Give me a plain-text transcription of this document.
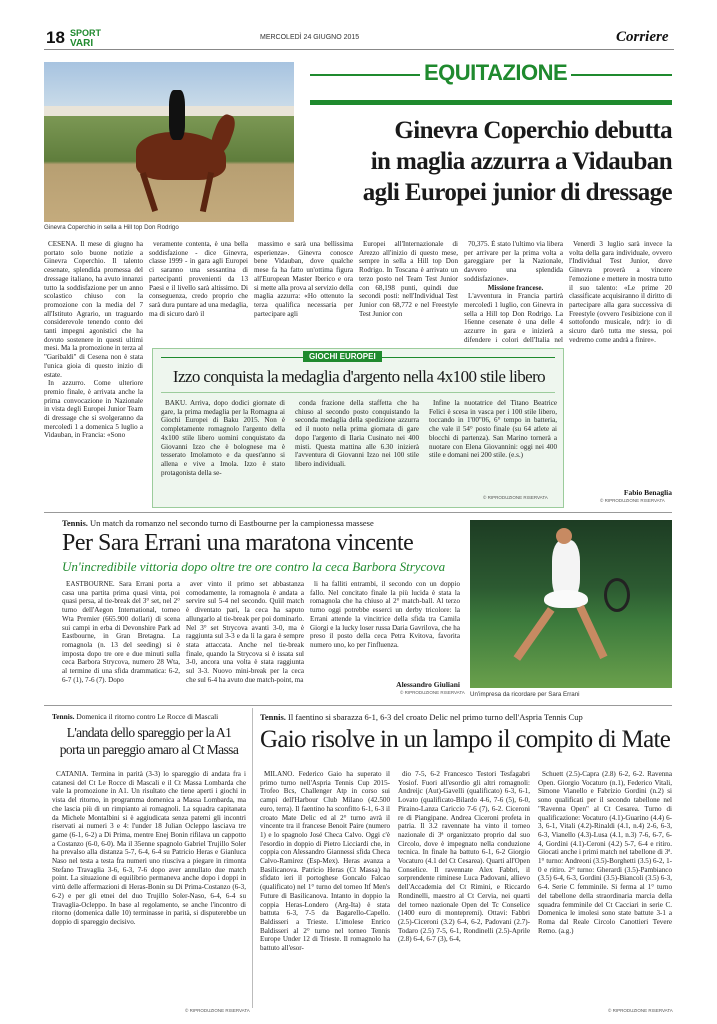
18 SPORT
VARI
MERCOLEDÌ 24 GIUGNO 2015	Corriere
Ginevra Coperchio in sella a Hill top Don Rodrigo
EQUITAZIONE
Ginevra Coperchio debutta
in maglia azzurra a Vidauban
agli Europei junior di dressage

CESENA. Il mese di giugno ha portato solo buone notizie a Ginevra Coperchio. Il talento cesenate, splendida promessa del dressage italiano, ha avuto innanzi tutto la soddisfazione per un anno scolastico chiuso con la promozione con la media del 7 all'Istituto Agrario, un traguardo considerevole tenendo conto dei tanti impegni agonistici che ha dovuto sostenere in questi ultimi mesi. Ma la promozione in terza al "Garibaldi" di Cesena non è stata l'unica gioia di questo inizio di estate.

In azzurro. Come ulteriore premio finale, è arrivata anche la prima convocazione in Nazionale in vista degli Europei Junior Team di dressage che si svolgeranno da mercoledì 1 a domenica 5 luglio a Vidauban, in Francia: «Sono

veramente contenta, è una bella soddisfazione - dice Ginevra, classe 1999 - in gara agli Europei ci saranno una sessantina di partecipanti provenienti da 13 Paesi e il livello sarà altissimo. Di conseguenza, credo proprio che sarà dura puntare ad una medaglia, ma di sicuro darò il

massimo e sarà una bellissima esperienza». Ginevra conosce bene Vidauban, dove qualche mese fa ha fatto un'ottima figura all'European Master Iberico e ora si mette alla prova al servizio della maglia azzurra: «Ho ottenuto la terza qualifica necessaria per partecipare agli

Europei all'Internazionale di Arezzo all'inizio di questo mese, sempre in sella a Hill top Don Rodrigo. In Toscana è arrivato un terzo posto nel Team Test Junior con 68,198 punti, quindi due secondi posti: nell'Individual Test Junior con 68,772 e nel Freestyle Test Junior con

70,375. È stato l'ultimo via libera per arrivare per la prima volta a gareggiare per la Nazionale, davvero una splendida soddisfazione».

Missione francese.

L'avventura in Francia partirà mercoledì 1 luglio, con Ginevra in sella a Hill top Don Rodrigo. La 16enne cesenate è una delle 4 azzurre in gara e inizierà a difendere i colori dell'Italia nel

Venerdì 3 luglio sarà invece la volta della gara individuale, ovvero l'Individual Test Junior, dove Ginevra proverà a vincere l'emozione e mettere in mostra tutto il suo talento: «Le prime 20 classificate acquisiranno il diritto di partecipare alla gara successiva di Freestyle (ovvero l'esibizione con il sottofondo musicale, ndr): io di sicuro darò tutta me stessa, poi vedremo come andrà a finire».

Fabio Benaglia
© RIPRODUZIONE RISERVATA
GIOCHI EUROPEI
Izzo conquista la medaglia d'argento nella 4x100 stile libero

BAKU. Arriva, dopo dodici giornate di gare, la prima medaglia per la Romagna ai Giochi Europei di Baku 2015. Non è completamente romagnolo l'argento della 4x100 stile libero uomini conquistato da Giovanni Izzo che è bolognese ma è tesserato Imolamoto e da quest'anno si allena e vive a Imola. Izzo è stato protagonista della se-

conda frazione della staffetta che ha chiuso al secondo posto conquistando la seconda medaglia della spedizione azzurra ed il nuoto nella prima giornata di gare dopo l'argento di Ilaria Cusinato nei 400 misti. Questa mattina alle 6.30 inizierà l'avventura di Giovanni Izzo nei 100 stile libero individuali.

Infine la nuotatrice del Titano Beatrice Felici è scesa in vasca per i 100 stile libero, toccando in 1'00"06, 6° tempo in batteria, che vale il 54° posto finale (su 64 atlete ai blocchi di partenza). San Marino tornerà a nuotare con Elena Giovannini: oggi nei 400 stile e domani nei 200 stile. (e.s.)

© RIPRODUZIONE RISERVATA
Tennis. Un match da romanzo nel secondo turno di Eastbourne per la campionessa massese
Per Sara Errani una maratona vincente
Un'incredibile vittoria dopo oltre tre ore contro la ceca Barbora Strycova

EASTBOURNE. Sara Errani porta a casa una partita prima quasi vinta, poi quasi persa, al tie-break del 3° set, nel 2° turno dell'Aegon International, torneo Wta Premier (665.900 dollari) di scena sui campi in erba di Devonshire Park ad Eastbourne, in Gran Bretagna. La romagnola (n. 13 del seeding) si è imposta dopo tre ore e due minuti sulla ceca Barbora Strycova, numero 28 Wta, al termine di una sfida drammatica: 6-2, 6-7 (1), 7-6 (7). Dopo

aver vinto il primo set abbastanza comodamente, la romagnola è andata a servire sul 5-4 nel secondo. Quìil match è diventato pari, la ceca ha saputo allungarlo al tie-break per poi dominarlo. Nel 3° set Strycova avanti 3-0, ma è raggiunta sul 3-3 e da lì la gara è sempre stata attaccata. Anche nel tie-break finale, quando la Strycova si è issata sul 3-0, ancora una volta è stata raggiunta sul 3-3. Nuovo mini-break per la ceca che sul 6-4 ha avuto due match-point, ma

li ha falliti entrambi, il secondo con un doppio fallo. Nel concitato finale la più lucida è stata la romagnola che ha chiuso al 2° match-ball. Al terzo turno oggi potrebbe esserci un derby tricolore: la Errani attende la vincitrice della sfida tra Camila Giorgi e la lucky loser russa Daria Gavrilova, che ha preso il posto della ceca Petra Kvitova, favorita numero uno, ko per l'influenza.

Alessandro Giuliani
© RIPRODUZIONE RISERVATA Un'impresa da ricordare per Sara Errani
Tennis. Domenica il ritorno contro Le Rocce di Mascali
L'andata dello spareggio per la A1
porta un pareggio amaro al Ct Massa

CATANIA. Termina in parità (3-3) lo spareggio di andata fra i catanesi del Ct Le Rocce di Mascali e il Ct Massa Lombarda che vale la promozione in A1. Un risultato che tiene aperti i giochi in vista del ritorno, in programma domenica a Massa Lombarda, ma che lascia più di un rimpianto ai romagnoli. La squadra capitanata da Michele Montalbini si è aggiudicata senza patemi gli incontri riservati ai numeri 3 e 4: l'under 18 Julian Ocleppo lasciava tre game (6-1, 6-2) a Di Prima, mentre Enej Bonin rifilava un cappotto a Costanzo (6-0, 6-0). Ma il 35enne spagnolo Gabriel Trujillo Soler ha prevalso alla distanza 5-7, 6-4, 6-4 su Patricio Heras e Gianluca Naso nel testa a testa fra numeri uno riusciva a piegare in rimonta Stefano Travaglia 3-6, 6-3, 7-6 dopo aver annullato due match point. La situazione di equilibrio permaneva anche dopo i doppi in virtù delle affermazioni di Heras-Bonin su Di Prima-Costanzo (6-3, 6-2) e per gli etnei del duo Trujillo Soler-Naso, 6-4, 6-4 su Travaglia-Ocleppo. In base al regolamento, se anche l'incontro di ritorno (domenica dalle 10) terminasse in parità, si disputerebbe un doppio di spareggio decisivo.

© RIPRODUZIONE RISERVATA
Tennis. Il faentino si sbarazza 6-1, 6-3 del croato Delic nel primo turno dell'Aspria Tennis Cup
Gaio risolve in un lampo il compito di Mate

MILANO. Federico Gaio ha superato il primo turno nell'Aspria Tennis Cup 2015-Trofeo Bcs, Challenger Atp in corso sui campi dell'Harbour Club Milano (42.500 euro, terra). Il faentino ha sconfitto 6-1, 6-3 il croato Mate Delic ed al 2° turno avrà il vincente tra il francese Benoit Paire (numero 1) e lo spagnolo José Checa Calvo. Oggi c'è l'esordio in doppio di Pietro Licciardi che, in coppia con Alessandro Giannessi sfida Checa Calvo-Ramirez (Esp-Mex). Heras avanza a Basilicanova. Patricio Heras (Ct Massa) ha sfidato ieri il portoghese Goncalo Falcao (qualificato) nel 1° turno del torneo Itf Men's Future di Basilicanova. Intanto in doppio la coppia Heras-Londero (Arg-Ita) è stata battuta 6-3, 7-5 da Bagarello-Capello. Baldisseri a Trieste. L'imolese Enrico Baldisseri al 2° turno nel torneo Tennis Europe Under 12 di Trieste. Il romagnolo ha battuto all'esor-

dio 7-5, 6-2 Francesco Testori Tesfagabri Yosiof. Fuori all'esordio gli altri romagnoli: Andreijc (Aut)-Gavelli (qualificato) 6-3, 6-1, Lovato (qualificato-Bilardo 4-6, 7-6 (5), 6-0, Piraino-Lanza Cariccio 7-6 (7), 6-2. Ciceroni re di Piangipane. Andrea Ciceroni profeta in patria. Il 3.2 ravennate ha vinto il torneo nazionale di 3ª organizzato proprio dal suo Circolo, dove è impegnato nella conduzione tecnica. In finale ha battuto 6-1, 6-2 Giorgio Vocaturo (4.1 del Ct Cesarea). Quarti all'Open Conselice. Il ravennate Alex Fabbri, il sorprendente riminese Luca Padovani, allievo dell'Accademia del Ct Rimini, e Riccardo Rondinelli, maestro al Ct Cervia, nei quarti del torneo nazionale Open del Tc Conselice (1400 euro di montepremi). Ottavi: Fabbri (2.5)-Ciceroni (3.2) 6-4, 6-2, Padovani (2.7)-Todaro (2.5) 7-5, 6-1, Rondinelli (2.5)-Aprile (2.8) 6-4, 6-7 (3), 6-4,

Schuett (2.5)-Capra (2.8) 6-2, 6-2. Ravenna Open. Giorgio Vocaturo (n.1), Federico Vitali, Simone Vianello e Fabrizio Gordini (n.2) si sono qualificati per il secondo tabellone nel "Ravenna Open" al Ct Cesarea. Turno di qualificazione: Vocaturo (4.1)-Guarino (4.4) 6-3, 6-1, Vitali (4.2)-Rinaldi (4.1, n.4) 2-6, 6-3, 6-3, Vianello (4.3)-Lusa (4.1, n.3) 7-6, 6-7, 6-4, Gordini (4.1)-Ceroni (4.2) 5-7, 6-4 e ritiro. Giocati anche i primi match nel tabellone di 3ª. 1° turno: Andreoni (3.5)-Borghetti (3.5) 6-2, 1-0 e ritiro. 2° turno: Gherardi (3.5)-Pambianco (3.5) 6-4, 6-3, Gordini (3.5)-Biancoli (3.5) 6-3, 6-4. Serie C femminile. Si ferma al 1° turno del tabellone della straordinaria marcia della squadra femminile del Ct Cacciari in serie C. Domenica le imolesi sono state battute 3-1 a Roma dal Reale Circolo Canottieri Tevere Remo. (a.g.)

© RIPRODUZIONE RISERVATA
